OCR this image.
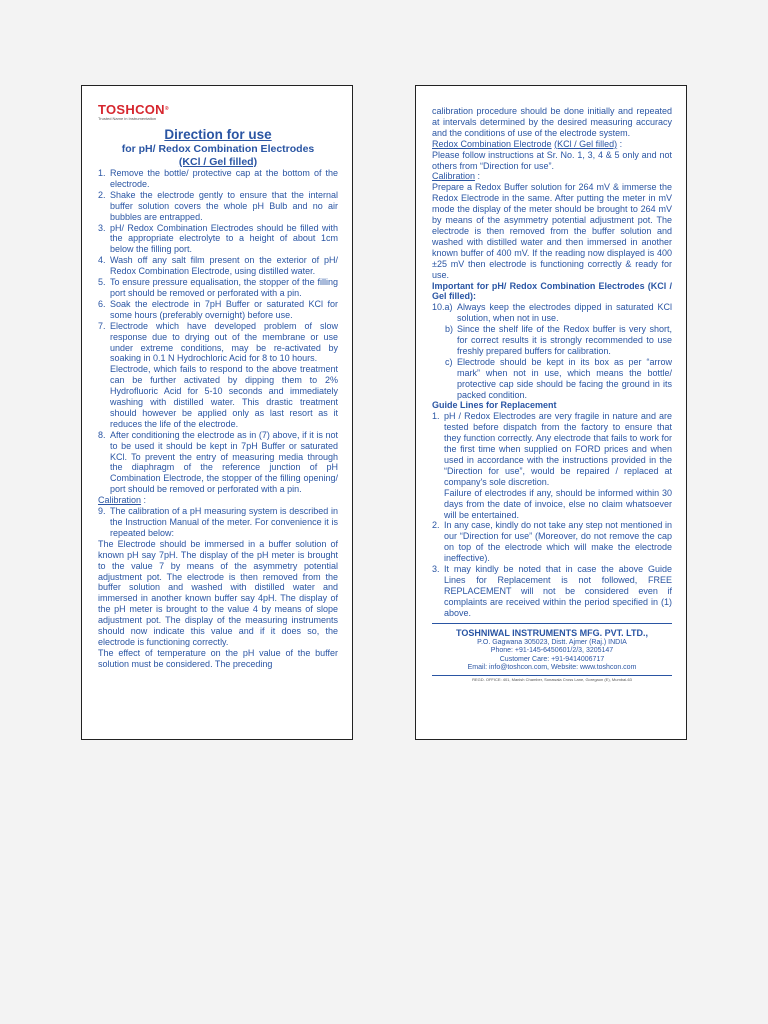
TOSHCON®
Trusted Name in Instrumentation
Direction for use
for pH/ Redox Combination Electrodes
(KCl / Gel filled)
1. Remove the bottle/ protective cap at the bottom of the electrode.

2. Shake the electrode gently to ensure that the internal buffer solution covers the whole pH Bulb and no air bubbles are entrapped.

3. pH/ Redox Combination Electrodes should be filled with the appropriate electrolyte to a height of about 1cm below the filling port.

4. Wash off any salt film present on the exterior of pH/ Redox Combination Electrode, using distilled water.

5. To ensure pressure equalisation, the stopper of the filling port should be removed or perforated with a pin.

6. Soak the electrode in 7pH Buffer or saturated KCl for some hours (preferably overnight) before use.

7. Electrode which have developed problem of slow response due to drying out of the membrane or use under extreme conditions, may be re-activated by soaking in 0.1 N Hydrochloric Acid for 8 to 10 hours.

Electrode, which fails to respond to the above treatment can be further activated by dipping them to 2% Hydrofluoric Acid for 5-10 seconds and immediately washing with distilled water. This drastic treatment should however be applied only as last resort as it reduces the life of the electrode.

8. After conditioning the electrode as in (7) above, if it is not to be used it should be kept in 7pH Buffer or saturated KCl. To prevent the entry of measuring media through the diaphragm of the reference junction of pH Combination Electrode, the stopper of the filling opening/ port should be removed or perforated with a pin.

Calibration :

9. The calibration of a pH measuring system is described in the Instruction Manual of the meter. For convenience it is repeated below:

The Electrode should be immersed in a buffer solution of known pH say 7pH. The display of the pH meter is brought to the value 7 by means of the asymmetry potential adjustment pot. The electrode is then removed from the buffer solution and washed with distilled water and immersed in another known buffer say 4pH. The display of the pH meter is brought to the value 4 by means of slope adjustment pot. The display of the measuring instruments should now indicate this value and if it does so, the electrode is functioning correctly.

The effect of temperature on the pH value of the buffer solution must be considered. The preceding

calibration procedure should be done initially and repeated at intervals determined by the desired measuring accuracy and the conditions of use of the electrode system.

Redox Combination Electrode (KCl / Gel filled) :

Please follow instructions at Sr. No. 1, 3, 4 & 5 only and not others from “Direction for use”.

Calibration :

Prepare a Redox Buffer solution for 264 mV & immerse the Redox Electrode in the same. After putting the meter in mV mode the display of the meter should be brought to 264 mV by means of the asymmetry potential adjustment pot. The electrode is then removed from the buffer solution and washed with distilled water and then immersed in another known buffer of 400 mV. If the reading now displayed is 400 ±25 mV then electrode is functioning correctly & ready for use.

Important for pH/ Redox Combination Electrodes (KCl / Gel filled):

10.a) Always keep the electrodes dipped in saturated KCl solution, when not in use.

b) Since the shelf life of the Redox buffer is very short, for correct results it is strongly recommended to use freshly prepared buffers for calibration.

c) Electrode should be kept in its box as per “arrow mark” when not in use, which means the bottle/ protective cap side should be facing the ground in its packed condition.

Guide Lines for Replacement

1. pH / Redox Electrodes are very fragile in nature and are tested before dispatch from the factory to ensure that they function correctly. Any electrode that fails to work for the first time when supplied on FORD prices and when used in accordance with the instructions provided in the “Direction for use”, would be repaired / replaced at company's sole discretion.

Failure of electrodes if any, should be informed within 30 days from the date of invoice, else no claim whatsoever will be entertained.

2. In any case, kindly do not take any step not mentioned in our “Direction for use” (Moreover, do not remove the cap on top of the electrode which will make the electrode ineffective).

3. It may kindly be noted that in case the above Guide Lines for Replacement is not followed, FREE REPLACEMENT will not be considered even if complaints are received within the period specified in (1) above.

TOSHNIWAL INSTRUMENTS MFG. PVT. LTD.,
P.O. Gagwana 305023, Distt. Ajmer (Raj.) INDIA
Phone: +91-145-6450601/2/3, 3205147
Customer Care: +91-9414006717
Email: info@toshcon.com, Website: www.toshcon.com
REGD. OFFICE: 401, Manish Chamber, Sonawala Cross Lane, Goregaon (E), Mumbai-63
